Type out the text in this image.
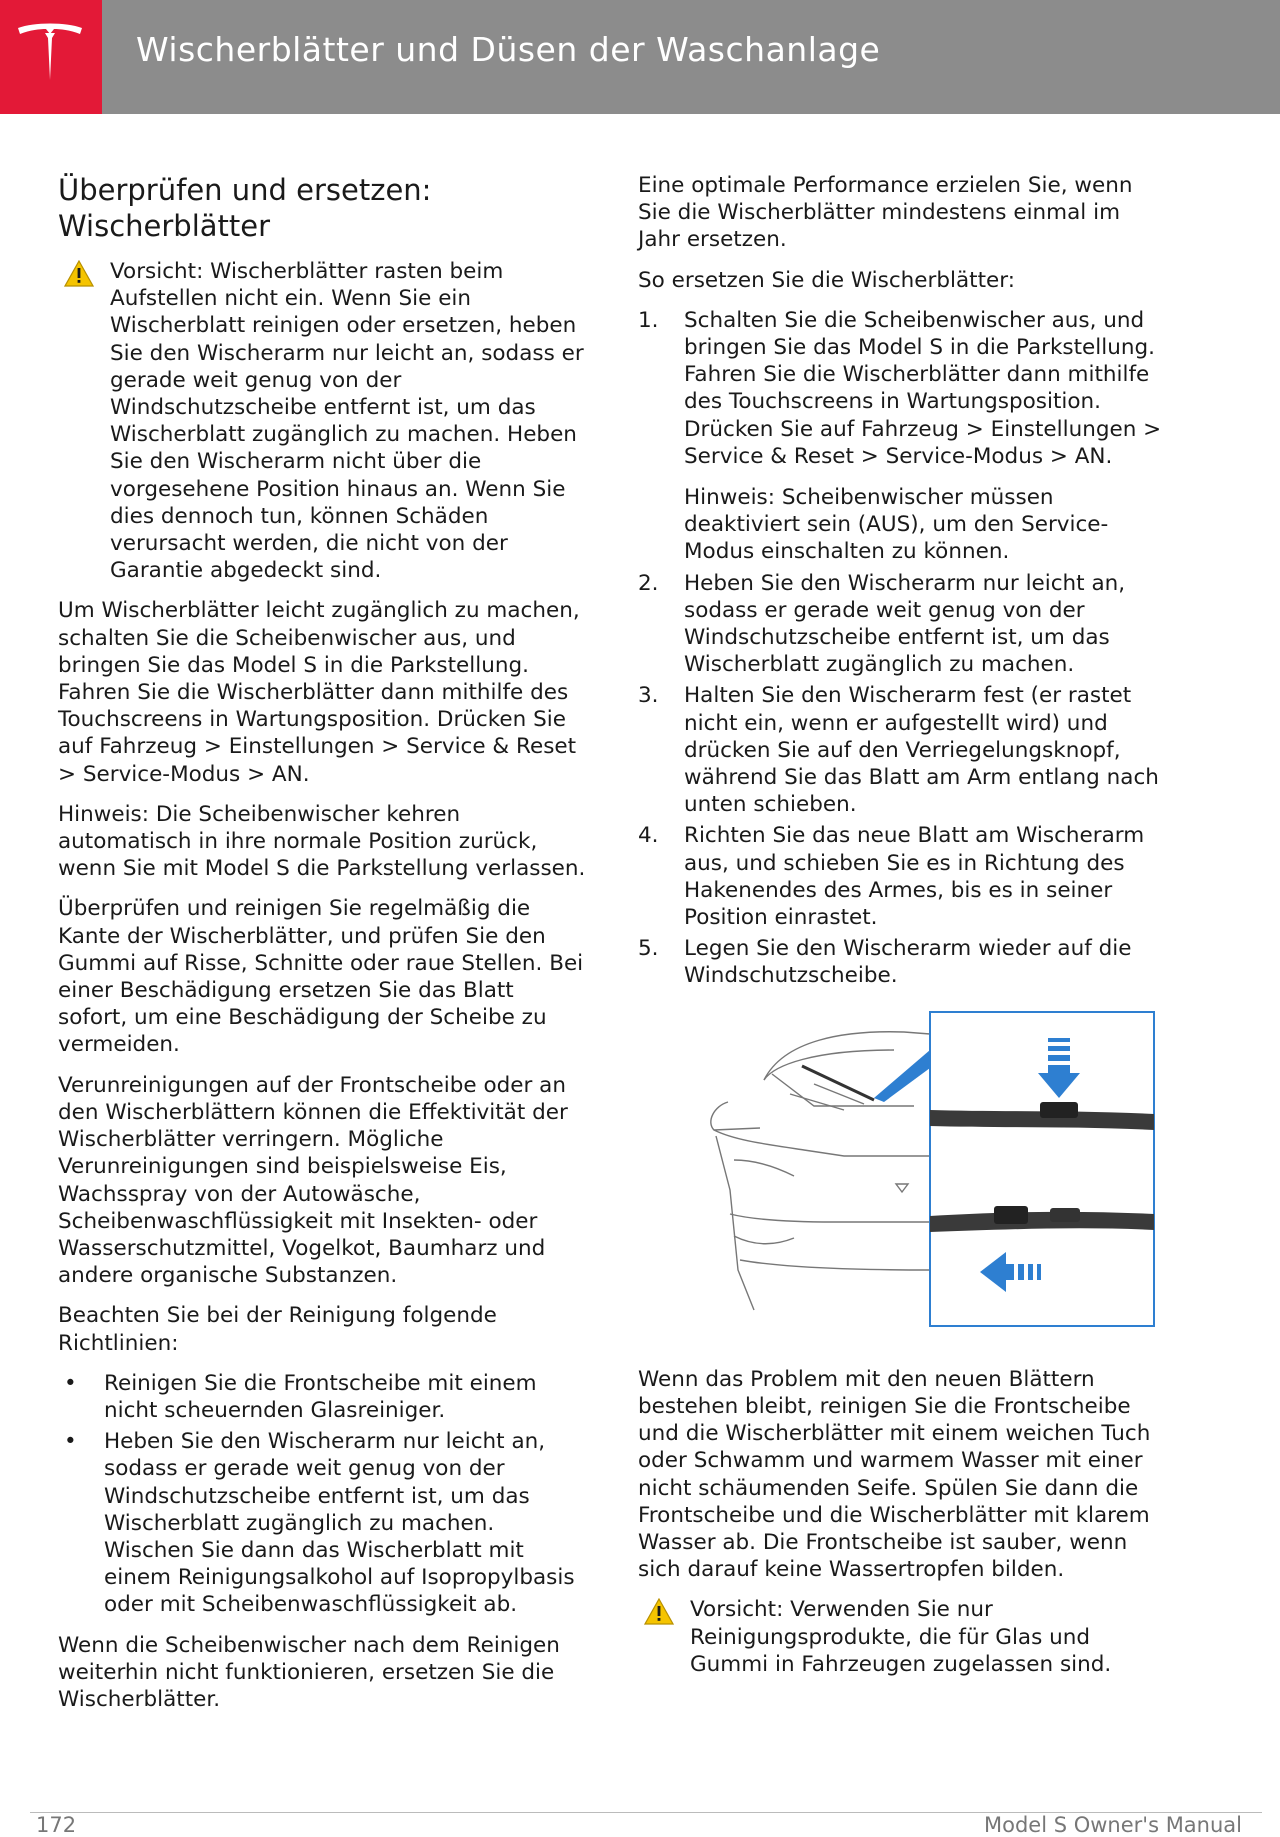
Wischerblätter und Düsen der Waschanlage
Überprüfen und ersetzen: Wischerblätter
Vorsicht: Wischerblätter rasten beim Aufstellen nicht ein. Wenn Sie ein Wischerblatt reinigen oder ersetzen, heben Sie den Wischerarm nur leicht an, sodass er gerade weit genug von der Windschutzscheibe entfernt ist, um das Wischerblatt zugänglich zu machen. Heben Sie den Wischerarm nicht über die vorgesehene Position hinaus an. Wenn Sie dies dennoch tun, können Schäden verursacht werden, die nicht von der Garantie abgedeckt sind.

Um Wischerblätter leicht zugänglich zu machen, schalten Sie die Scheibenwischer aus, und bringen Sie das Model S in die Parkstellung. Fahren Sie die Wischerblätter dann mithilfe des Touchscreens in Wartungsposition. Drücken Sie auf Fahrzeug > Einstellungen > Service & Reset > Service-Modus > AN.

Hinweis: Die Scheibenwischer kehren automatisch in ihre normale Position zurück, wenn Sie mit Model S die Parkstellung verlassen.

Überprüfen und reinigen Sie regelmäßig die Kante der Wischerblätter, und prüfen Sie den Gummi auf Risse, Schnitte oder raue Stellen. Bei einer Beschädigung ersetzen Sie das Blatt sofort, um eine Beschädigung der Scheibe zu vermeiden.

Verunreinigungen auf der Frontscheibe oder an den Wischerblättern können die Effektivität der Wischerblätter verringern. Mögliche Verunreinigungen sind beispielsweise Eis, Wachsspray von der Autowäsche, Scheibenwaschflüssigkeit mit Insekten- oder Wasserschutzmittel, Vogelkot, Baumharz und andere organische Substanzen.

Beachten Sie bei der Reinigung folgende Richtlinien:

• Reinigen Sie die Frontscheibe mit einem nicht scheuernden Glasreiniger.
• Heben Sie den Wischerarm nur leicht an, sodass er gerade weit genug von der Windschutzscheibe entfernt ist, um das Wischerblatt zugänglich zu machen. Wischen Sie dann das Wischerblatt mit einem Reinigungsalkohol auf Isopropylbasis oder mit Scheibenwaschflüssigkeit ab.

Wenn die Scheibenwischer nach dem Reinigen weiterhin nicht funktionieren, ersetzen Sie die Wischerblätter.

Eine optimale Performance erzielen Sie, wenn Sie die Wischerblätter mindestens einmal im Jahr ersetzen.

So ersetzen Sie die Wischerblätter:

1. Schalten Sie die Scheibenwischer aus, und bringen Sie das Model S in die Parkstellung. Fahren Sie die Wischerblätter dann mithilfe des Touchscreens in Wartungsposition. Drücken Sie auf Fahrzeug > Einstellungen > Service & Reset > Service-Modus > AN.
Hinweis: Scheibenwischer müssen deaktiviert sein (AUS), um den Service-Modus einschalten zu können.
2. Heben Sie den Wischerarm nur leicht an, sodass er gerade weit genug von der Windschutzscheibe entfernt ist, um das Wischerblatt zugänglich zu machen.
3. Halten Sie den Wischerarm fest (er rastet nicht ein, wenn er aufgestellt wird) und drücken Sie auf den Verriegelungsknopf, während Sie das Blatt am Arm entlang nach unten schieben.
4. Richten Sie das neue Blatt am Wischerarm aus, und schieben Sie es in Richtung des Hakenendes des Armes, bis es in seiner Position einrastet.
5. Legen Sie den Wischerarm wieder auf die Windschutzscheibe.

Wenn das Problem mit den neuen Blättern bestehen bleibt, reinigen Sie die Frontscheibe und die Wischerblätter mit einem weichen Tuch oder Schwamm und warmem Wasser mit einer nicht schäumenden Seife. Spülen Sie dann die Frontscheibe und die Wischerblätter mit klarem Wasser ab. Die Frontscheibe ist sauber, wenn sich darauf keine Wassertropfen bilden.

Vorsicht: Verwenden Sie nur Reinigungsprodukte, die für Glas und Gummi in Fahrzeugen zugelassen sind.
172	Model S Owner's Manual
